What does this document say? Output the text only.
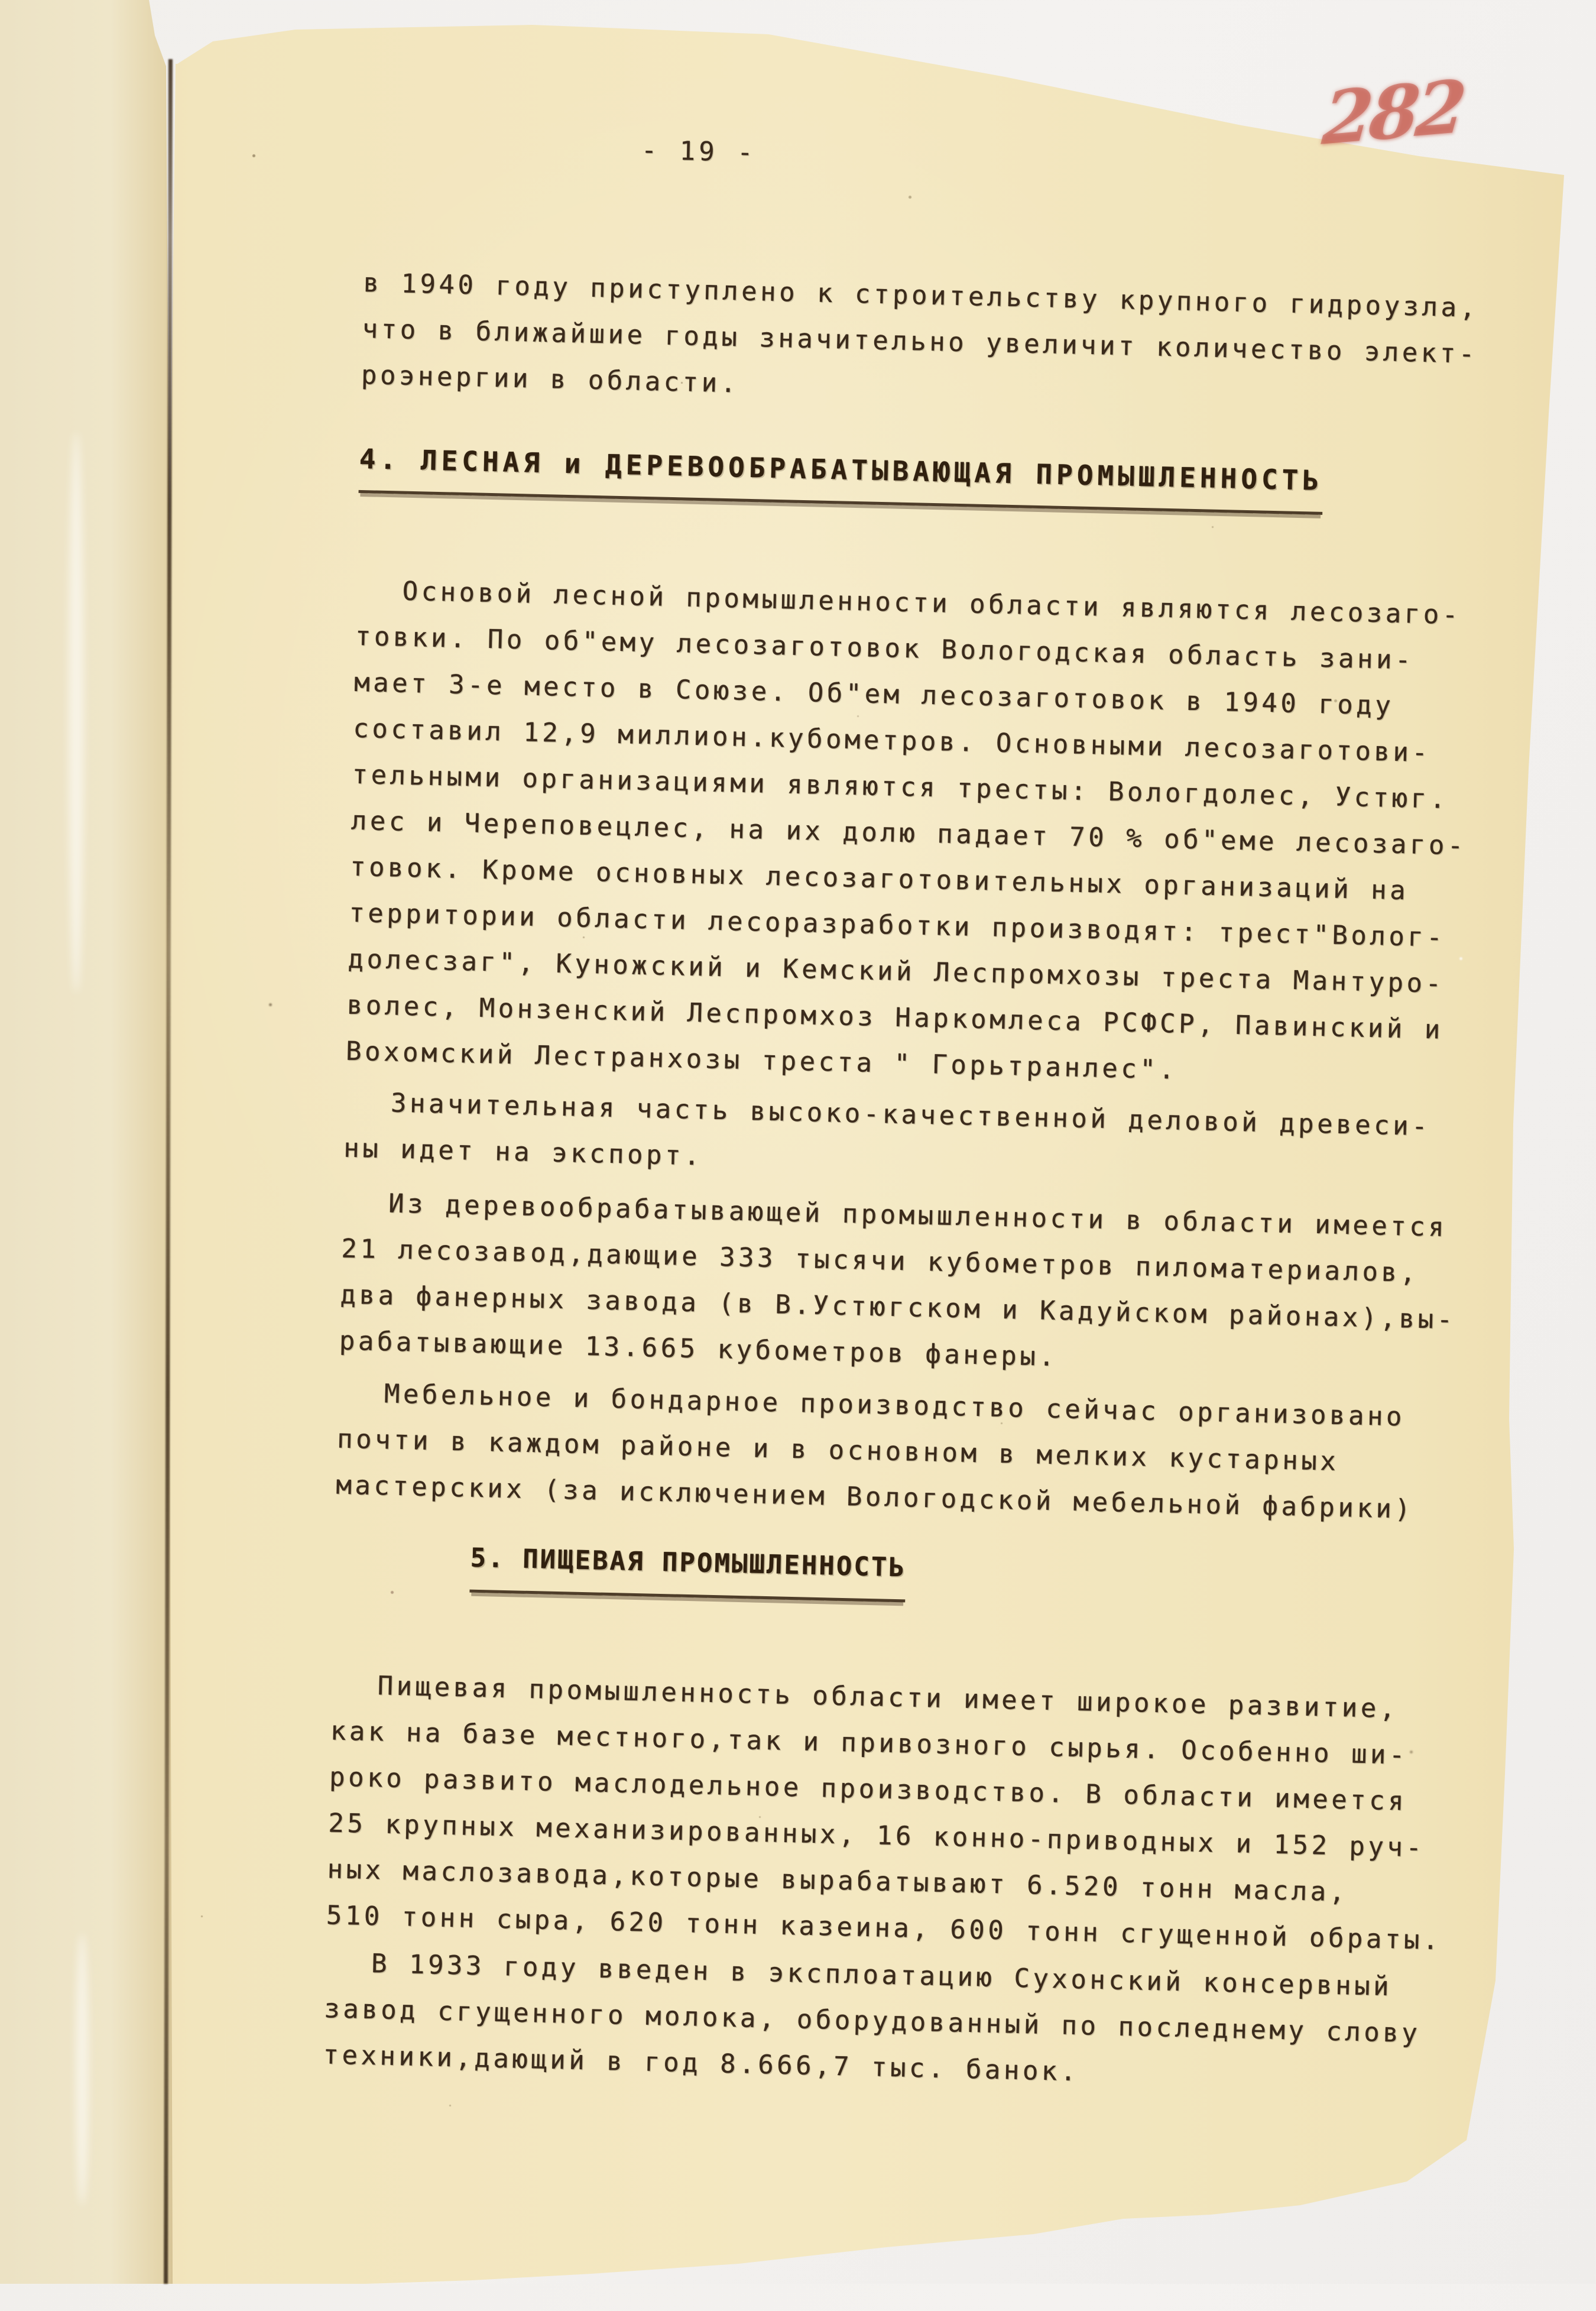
- 19 -
в 1940 году приступлено к строительству крупного гидроузла,
что в ближайшие годы значительно увеличит количество элект-
роэнергии в области.
4. ЛЕСНАЯ и ДЕРЕВООБРАБАТЫВАЮЩАЯ ПРОМЫШЛЕННОСТЬ
Основой лесной промышленности области являются лесозаго-
товки. По об"ему лесозаготовок Вологодская область зани-
мает 3-е место в Союзе. Об"ем лесозаготовок в 1940 году
составил 12,9 миллион.кубометров. Основными лесозаготови-
тельными организациями являются тресты: Вологдолес, Устюг.
лес и Череповецлес, на их долю падает 70 % об"еме лесозаго-
товок. Кроме основных лесозаготовительных организаций на
территории области лесоразработки производят: трест"Волог-
долесзаг", Куножский и Кемский Леспромхозы треста Мантуро-
волес, Монзенский Леспромхоз Наркомлеса РСФСР, Павинский и
Вохомский Лестранхозы треста " Горьтранлес".
Значительная часть высоко-качественной деловой древеси-
ны идет на экспорт.
Из деревообрабатывающей промышленности в области имеется
21 лесозавод,дающие 333 тысячи кубометров пиломатериалов,
два фанерных завода (в В.Устюгском и Кадуйском районах),вы-
рабатывающие 13.665 кубометров фанеры.
Мебельное и бондарное производство сейчас организовано
почти в каждом районе и в основном в мелких кустарных
мастерских (за исключением Вологодской мебельной фабрики)
5. ПИЩЕВАЯ ПРОМЫШЛЕННОСТЬ
Пищевая промышленность области имеет широкое развитие,
как на базе местного,так и привозного сырья. Особенно ши-
роко развито маслодельное производство. В области имеется
25 крупных механизированных, 16 конно-приводных и 152 руч-
ных маслозавода,которые вырабатывают 6.520 тонн масла,
510 тонн сыра, 620 тонн казеина, 600 тонн сгущенной обраты.
В 1933 году введен в эксплоатацию Сухонский консервный
завод сгущенного молока, оборудованный по последнему слову
техники,дающий в год 8.666,7 тыс. банок.
282
